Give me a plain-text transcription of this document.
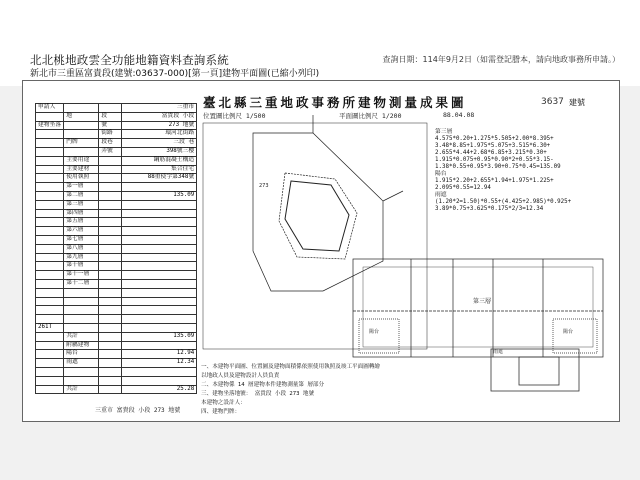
北北桃地政雲全功能地籍資料查詢系統
新北市三重區富貴段(建號:03637-000)[第一頁]建物平面圖(已縮小列印)
查詢日期：114年9月2日（如需登記謄本，請向地政事務所申請。）
臺北縣三重地政事務所建物測量成果圖	3637 建號
位置圖比例尺 1/500	平面圖比例尺 1/200	88.04.08
申請人			三重市
	地	段	富貴段 小段
建物坐落		號	273 地號
		街路	環河北街路
	門牌	段巷	三段 巷
		弄號	398號三樓
	主要用途		鋼筋混凝土構造
	主要建材		集合住宅
	使用執照		88重使字第348號
	第一層		
	第二層		135.09
	第三層		
	第四層		
	第五層		
	第六層		
	第七層		
	第八層		
	第九層		
	第十層		
	第十一層		
	第十二層		

261T			
	共計		135.09
	附屬建物		
	陽台		12.94
	雨遮		12.34

	共計		25.28
273
第三層
陽台	陽台
雨遮
第三層
4.575*0.20+1.275*5.505+2.00*8.395+
3.48*8.85+1.975*5.075+3.515*6.30+
2.655*4.44+2.68*6.85+3.215*0.30+
1.915*0.075+0.95*0.90*2+0.55*3.15-
1.38*0.55+0.95*3.90+0.75*0.45=135.09
陽台
1.915*2.20+2.655*1.94+1.975*1.225+
2.095*0.55=12.94
雨遮
(1.20*2=1.50)*0.55+(4.425+2.985)*0.925+
3.89*0.75+3.625*0.175*2/3=12.34
一、本建物平面圖、位置圖及建物面積係依照使用執照及竣工平面圖轉繪
以地政人員及建物設計人員負責
二、本建物係 14 層建物本件建物測量第 層部分
三、建物坐落地號： 富貴段 小段 273 地號
本建物之設計人：
四、建物門牌：
三重市 富貴段 小段 273 地號
